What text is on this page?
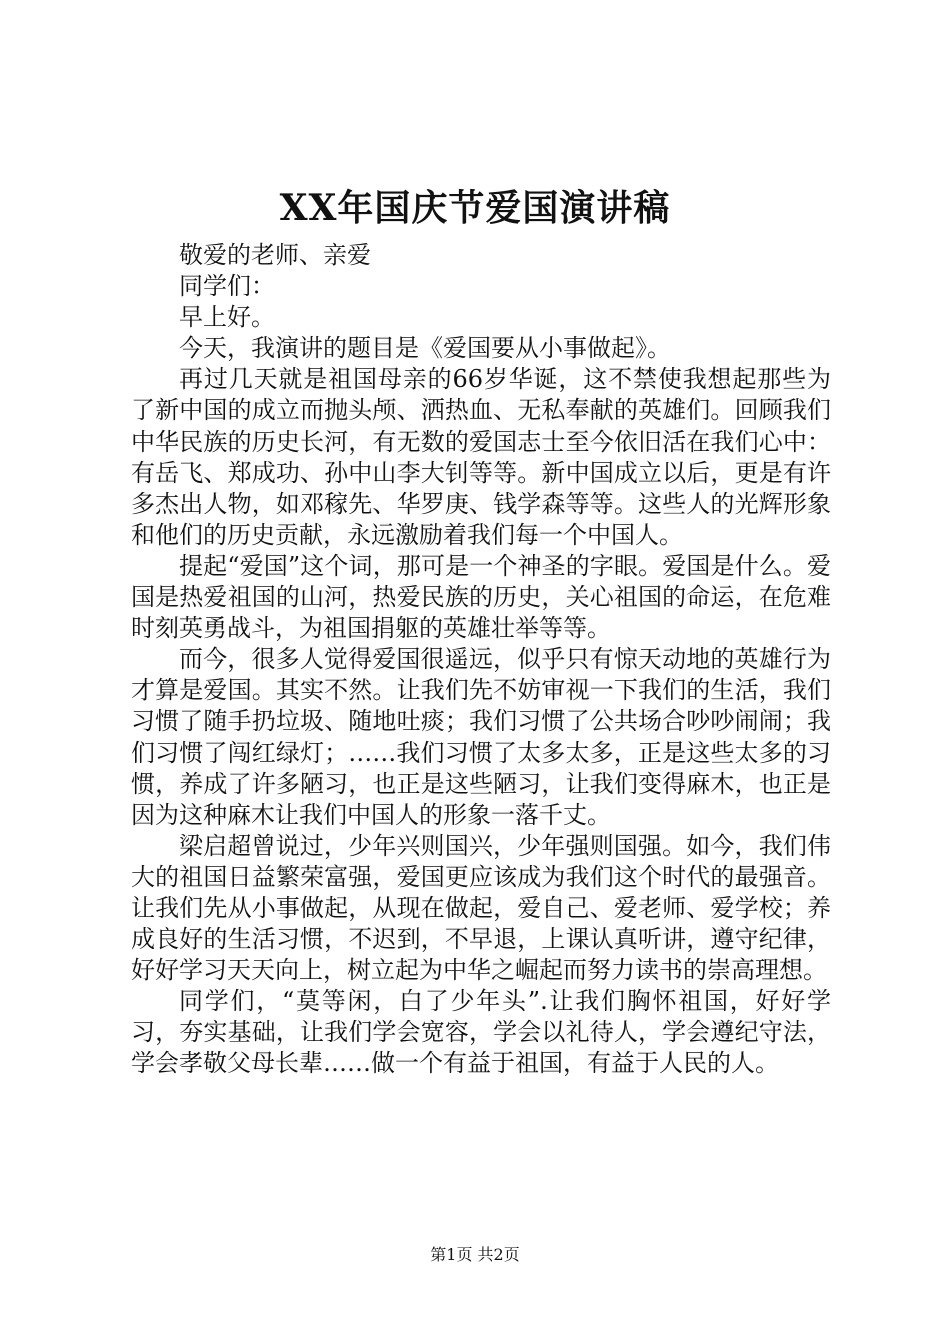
XX年国庆节爱国演讲稿

敬爱的老师、亲爱

同学们：

早上好。

今天，我演讲的题目是《爱国要从小事做起》。

再过几天就是祖国母亲的66岁华诞，这不禁使我想起那些为了新中国的成立而抛头颅、洒热血、无私奉献的英雄们。回顾我们中华民族的历史长河，有无数的爱国志士至今依旧活在我们心中：有岳飞、郑成功、孙中山李大钊等等。新中国成立以后，更是有许多杰出人物，如邓稼先、华罗庚、钱学森等等。这些人的光辉形象和他们的历史贡献，永远激励着我们每一个中国人。

提起“爱国”这个词，那可是一个神圣的字眼。爱国是什么。爱国是热爱祖国的山河，热爱民族的历史，关心祖国的命运，在危难时刻英勇战斗，为祖国捐躯的英雄壮举等等。

而今，很多人觉得爱国很遥远，似乎只有惊天动地的英雄行为才算是爱国。其实不然。让我们先不妨审视一下我们的生活，我们习惯了随手扔垃圾、随地吐痰；我们习惯了公共场合吵吵闹闹；我们习惯了闯红绿灯；……我们习惯了太多太多，正是这些太多的习惯，养成了许多陋习，也正是这些陋习，让我们变得麻木，也正是因为这种麻木让我们中国人的形象一落千丈。

梁启超曾说过，少年兴则国兴，少年强则国强。如今，我们伟大的祖国日益繁荣富强，爱国更应该成为我们这个时代的最强音。让我们先从小事做起，从现在做起，爱自己、爱老师、爱学校；养成良好的生活习惯，不迟到，不早退，上课认真听讲，遵守纪律，好好学习天天向上，树立起为中华之崛起而努力读书的崇高理想。

同学们，“莫等闲，白了少年头”.让我们胸怀祖国，好好学习，夯实基础，让我们学会宽容，学会以礼待人，学会遵纪守法，学会孝敬父母长辈……做一个有益于祖国，有益于人民的人。

第1页 共2页
